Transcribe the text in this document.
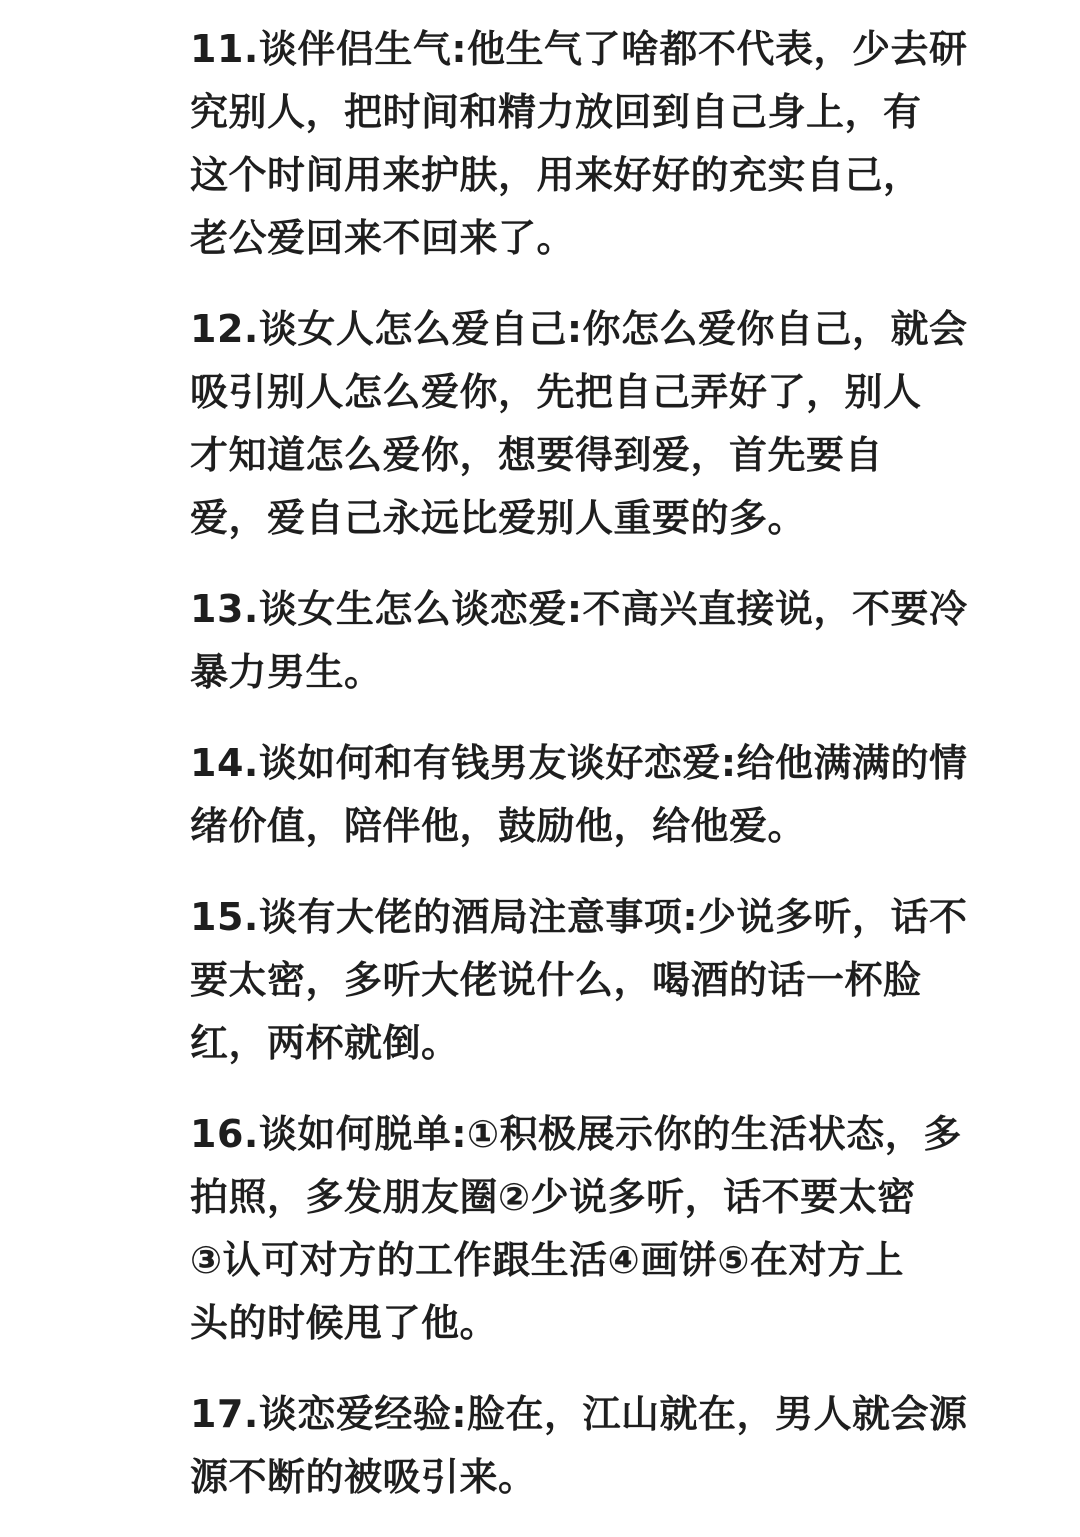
11.谈伴侣生气:他生气了啥都不代表，少去研
究别人，把时间和精力放回到自己身上，有
这个时间用来护肤，用来好好的充实自己，
老公爱回来不回来了。
12.谈女人怎么爱自己:你怎么爱你自己，就会
吸引别人怎么爱你，先把自己弄好了，别人
才知道怎么爱你，想要得到爱，首先要自
爱，爱自己永远比爱别人重要的多。
13.谈女生怎么谈恋爱:不高兴直接说，不要冷
暴力男生。
14.谈如何和有钱男友谈好恋爱:给他满满的情
绪价值，陪伴他，鼓励他，给他爱。
15.谈有大佬的酒局注意事项:少说多听，话不
要太密，多听大佬说什么，喝酒的话一杯脸
红，两杯就倒。
16.谈如何脱单:①积极展示你的生活状态，多
拍照，多发朋友圈②少说多听，话不要太密
③认可对方的工作跟生活④画饼⑤在对方上
头的时候甩了他。
17.谈恋爱经验:脸在，江山就在，男人就会源
源不断的被吸引来。
